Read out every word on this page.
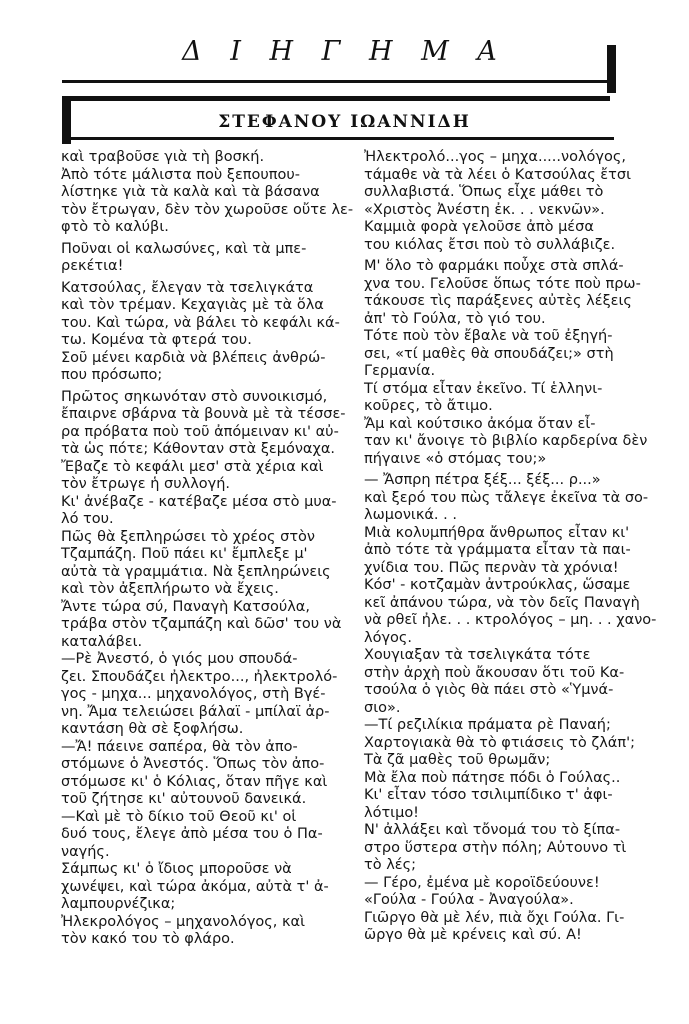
Δ Ι Η Γ Η Μ Α
ΣΤΕΦΑΝΟΥ ΙΩΑΝΝΙΔΗ
καὶ τραβοῦσε γιὰ τὴ βοσκή.
Ἀπὸ τότε μάλιστα ποὺ ξεπουπου-
λίστηκε γιὰ τὰ καλὰ καὶ τὰ βάσανα
τὸν ἔτρωγαν, δὲν τὸν χωροῦσε οὔτε λε-
φτὸ τὸ καλύβι.
Ποῦναι οἱ καλωσύνες, καὶ τὰ μπε-
ρεκέτια!
Κατσούλας, ἔλεγαν τὰ τσελιγκάτα
καὶ τὸν τρέμαν. Κεχαγιὰς μὲ τὰ ὅλα
του. Καὶ τώρα, νὰ βάλει τὸ κεφάλι κά-
τω. Κομένα τὰ φτερά του.
Σοῦ μένει καρδιὰ νὰ βλέπεις ἀνθρώ-
που πρόσωπο;
Πρῶτος σηκωνόταν στὸ συνοικισμό,
ἔπαιρνε σβάρνα τὰ βουνὰ μὲ τὰ τέσσε-
ρα πρόβατα ποὺ τοῦ ἀπόμειναν κι' αὐ-
τὰ ὡς πότε; Κάθονταν στὰ ξεμόναχα.
Ἔβαζε τὸ κεφάλι μεσ' στὰ χέρια καὶ
τὸν ἔτρωγε ἡ συλλογή.
Κι' ἀνέβαζε - κατέβαζε μέσα στὸ μυα-
λό του.
Πῶς θὰ ξεπληρώσει τὸ χρέος στὸν
Τζαμπάζη. Ποῦ πάει κι' ἔμπλεξε μ'
αὐτὰ τὰ γραμμάτια. Νὰ ξεπληρώνεις
καὶ τὸν ἀξεπλήρωτο νὰ ἔχεις.
Ἄντε τώρα σύ, Παναγὴ Κατσούλα,
τράβα στὸν τζαμπάζη καὶ δῶσ' του νὰ
καταλάβει.
—Ρὲ Ἀνεστό, ὁ γιός μου σπουδά-
ζει. Σπουδάζει ἠλεκτρο..., ἠλεκτρολό-
γος - μηχα... μηχανολόγος, στὴ Βγέ-
νη. Ἄμα τελειώσει βάλαϊ - μπίλαϊ ἀρ-
καντάση θὰ σὲ ξοφλήσω.
—Ἄ! πάεινε σαπέρα, θὰ τὸν ἀπο-
στόμωνε ὁ Ἀνεστός. Ὅπως τὸν ἀπο-
στόμωσε κι' ὁ Κόλιας, ὅταν πῆγε καὶ
τοῦ ζήτησε κι' αὐτουνοῦ δανεικά.
—Καὶ μὲ τὸ δίκιο τοῦ Θεοῦ κι' οἱ
δυό τους, ἔλεγε ἀπὸ μέσα του ὁ Πα-
ναγής.
Σάμπως κι' ὁ ἴδιος μποροῦσε νὰ
χωνέψει, καὶ τώρα ἀκόμα, αὐτὰ τ' ἀ-
λαμπουρνέζικα;
Ἠλεκρολόγος – μηχανολόγος, καὶ
τὸν κακό του τὸ φλάρο.
Ἠλεκτρολό...γος – μηχα.....νολόγος,
τάμαθε νὰ τὰ λέει ὁ Κατσούλας ἔτσι
συλλαβιστά. Ὅπως εἶχε μάθει τὸ
«Χριστὸς Ἀνέστη ἐκ. . . νεκνῶν».
Καμμιὰ φορὰ γελοῦσε ἀπὸ μέσα
του κιόλας ἔτσι ποὺ τὸ συλλάβιζε.
Μ' ὅλο τὸ φαρμάκι ποὖχε στὰ σπλά-
χνα του. Γελοῦσε ὅπως τότε ποὺ πρω-
τάκουσε τὶς παράξενες αὐτὲς λέξεις
ἀπ' τὸ Γούλα, τὸ γιό του.
Τότε ποὺ τὸν ἔβαλε νὰ τοῦ ἐξηγή-
σει, «τί μαθὲς θὰ σπουδάζει;» στὴ
Γερμανία.
Τί στόμα εἶταν ἐκεῖνο. Τί ἑλληνι-
κοῦρες, τὸ ἄτιμο.
Ἄμ καὶ κούτσικο ἀκόμα ὅταν εἶ-
ταν κι' ἄνοιγε τὸ βιβλίο καρδερίνα δὲν
πήγαινε «ὁ στόμας του;»
— Ἄσπρη πέτρα ξέξ... ξέξ... ρ...»
καὶ ξερό του πὼς τἄλεγε ἐκεῖνα τὰ σο-
λωμονικά. . .
Μιὰ κολυμπήθρα ἄνθρωπος εἶταν κι'
ἀπὸ τότε τὰ γράμματα εἶταν τὰ παι-
χνίδια του. Πῶς περνὰν τὰ χρόνια!
Κόσ' - κοτζαμὰν ἀντρούκλας, ὥσαμε
κεῖ ἀπάνου τώρα, νὰ τὸν δεῖς Παναγὴ
νὰ ρθεῖ ἠλε. . . κτρολόγος – μη. . . χανο-
λόγος.
Χουγιαξαν τὰ τσελιγκάτα τότε
στὴν ἀρχὴ ποὺ ἄκουσαν ὅτι τοῦ Κα-
τσούλα ὁ γιὸς θὰ πάει στὸ «Ὑμνά-
σιο».
—Τί ρεζιλίκια πράματα ρὲ Παναή;
Χαρτογιακὰ θὰ τὸ φτιάσεις τὸ ζλάπ';
Τὰ ζᾶ μαθὲς τοῦ θρωμᾶν;
Μὰ ἔλα ποὺ πάτησε πόδι ὁ Γούλας..
Κι' εἶταν τόσο τσιλιμπίδικο τ' ἀφι-
λότιμο!
Ν' ἀλλάξει καὶ τὄνομά του τὸ ξίπα-
στρο ὕστερα στὴν πόλη; Αὐτουνο τὶ
τὸ λές;
— Γέρο, ἐμένα μὲ κοροϊδεύουνε!
«Γούλα - Γούλα - Ἀναγούλα».
Γιῶργο θὰ μὲ λέν, πιὰ ὄχι Γούλα. Γι-
ῶργο θὰ μὲ κρένεις καὶ σύ. Α!
